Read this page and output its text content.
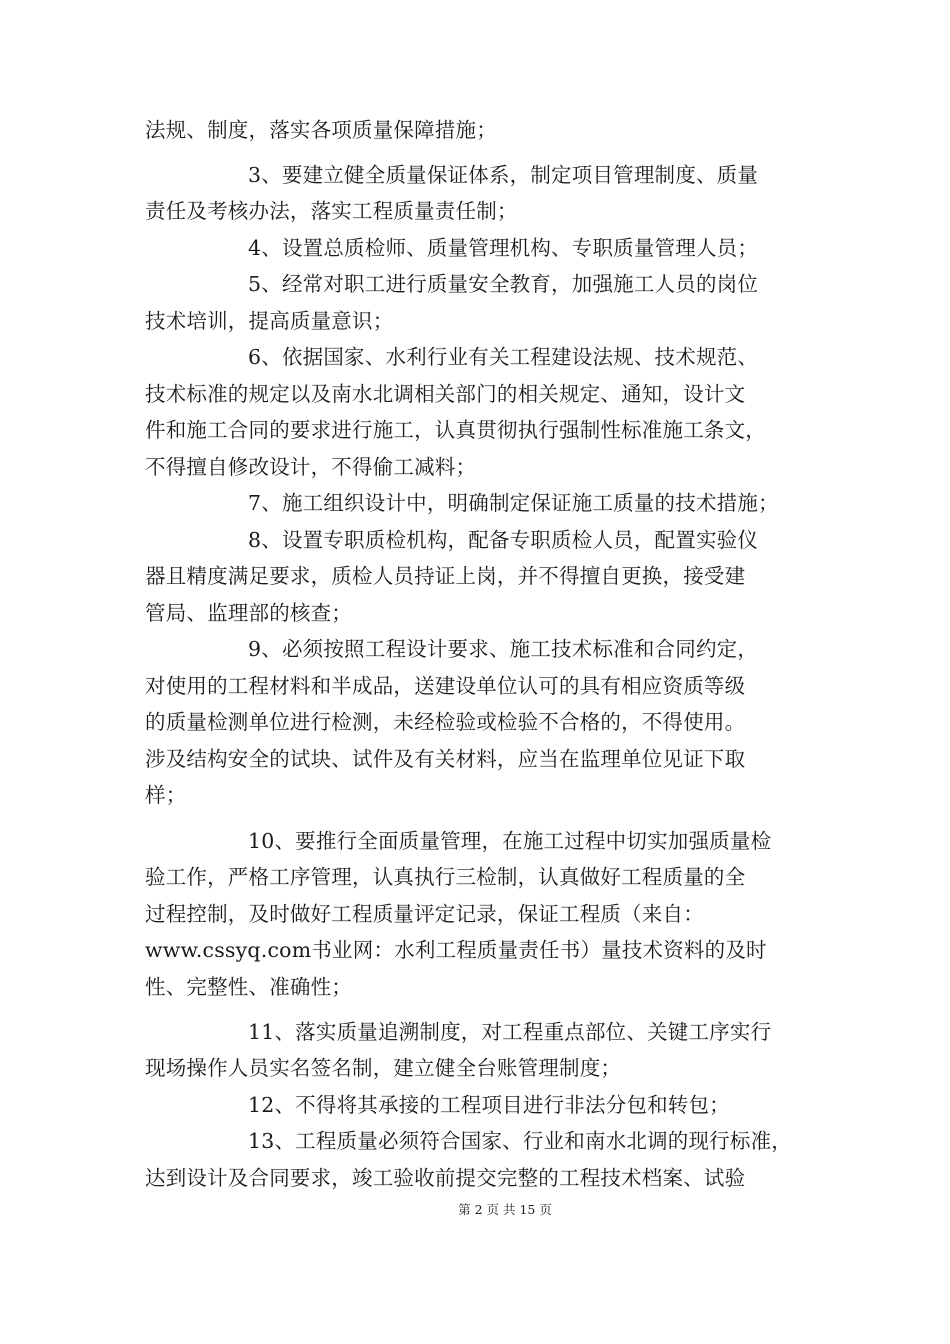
法规、制度，落实各项质量保障措施；
3、要建立健全质量保证体系，制定项目管理制度、质量
责任及考核办法，落实工程质量责任制；
4、设置总质检师、质量管理机构、专职质量管理人员；
5、经常对职工进行质量安全教育，加强施工人员的岗位
技术培训，提高质量意识；
6、依据国家、水利行业有关工程建设法规、技术规范、
技术标准的规定以及南水北调相关部门的相关规定、通知，设计文
件和施工合同的要求进行施工，认真贯彻执行强制性标准施工条文，
不得擅自修改设计，不得偷工减料；
7、施工组织设计中，明确制定保证施工质量的技术措施；
8、设置专职质检机构，配备专职质检人员，配置实验仪
器且精度满足要求，质检人员持证上岗，并不得擅自更换，接受建
管局、监理部的核查；
9、必须按照工程设计要求、施工技术标准和合同约定，
对使用的工程材料和半成品，送建设单位认可的具有相应资质等级
的质量检测单位进行检测，未经检验或检验不合格的，不得使用。
涉及结构安全的试块、试件及有关材料，应当在监理单位见证下取
样；
10、要推行全面质量管理，在施工过程中切实加强质量检
验工作，严格工序管理，认真执行三检制，认真做好工程质量的全
过程控制，及时做好工程质量评定记录，保证工程质（来自：
www.cssyq.com书业网：水利工程质量责任书）量技术资料的及时
性、完整性、准确性；
11、落实质量追溯制度，对工程重点部位、关键工序实行
现场操作人员实名签名制，建立健全台账管理制度；
12、不得将其承接的工程项目进行非法分包和转包；
13、工程质量必须符合国家、行业和南水北调的现行标准，
达到设计及合同要求，竣工验收前提交完整的工程技术档案、试验
第 2 页 共 15 页
